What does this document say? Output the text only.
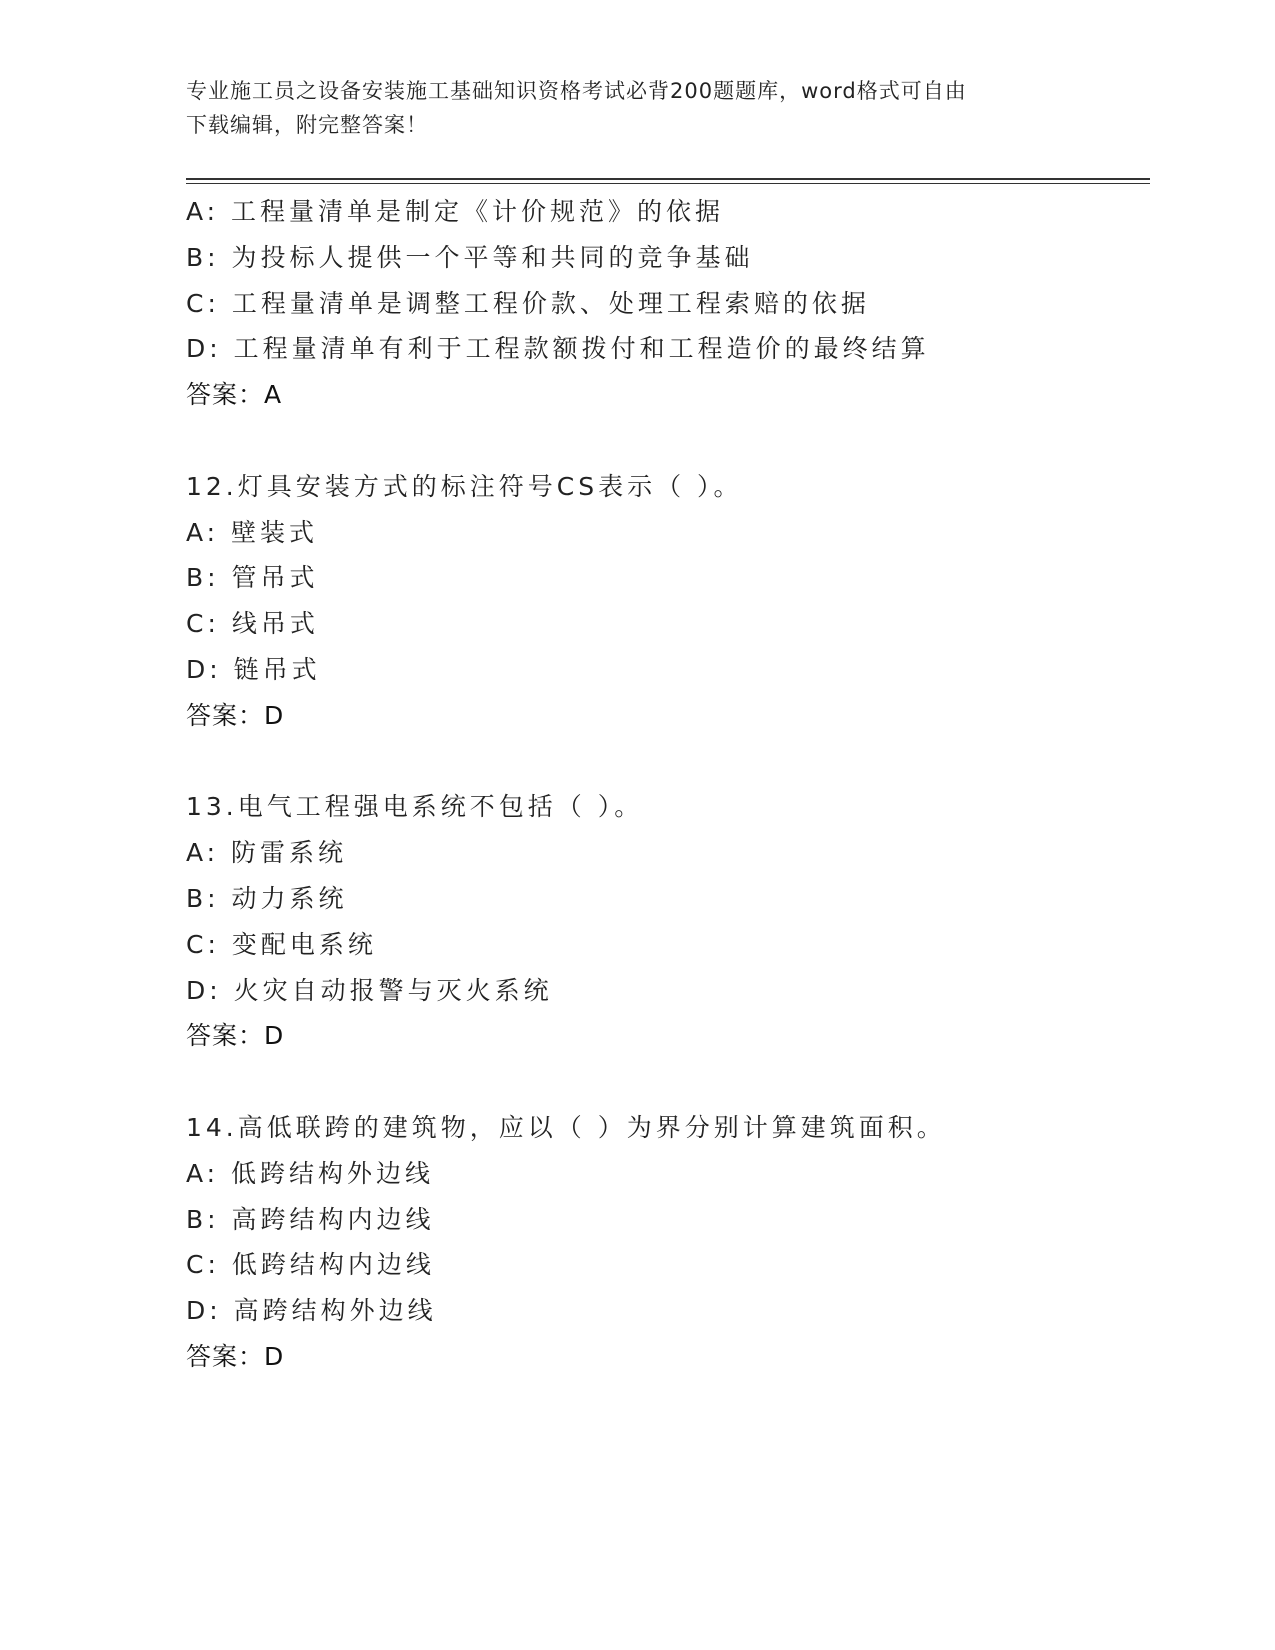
专业施工员之设备安装施工基础知识资格考试必背200题题库，word格式可自由
下载编辑，附完整答案！
A: 工程量清单是制定《计价规范》的依据
B: 为投标人提供一个平等和共同的竞争基础
C: 工程量清单是调整工程价款、处理工程索赔的依据
D: 工程量清单有利于工程款额拨付和工程造价的最终结算
答案：A
12.灯具安装方式的标注符号CS表示（ ）。
A: 壁装式
B: 管吊式
C: 线吊式
D: 链吊式
答案：D
13.电气工程强电系统不包括（ ）。
A: 防雷系统
B: 动力系统
C: 变配电系统
D: 火灾自动报警与灭火系统
答案：D
14.高低联跨的建筑物，应以（ ）为界分别计算建筑面积。
A: 低跨结构外边线
B: 高跨结构内边线
C: 低跨结构内边线
D: 高跨结构外边线
答案：D
